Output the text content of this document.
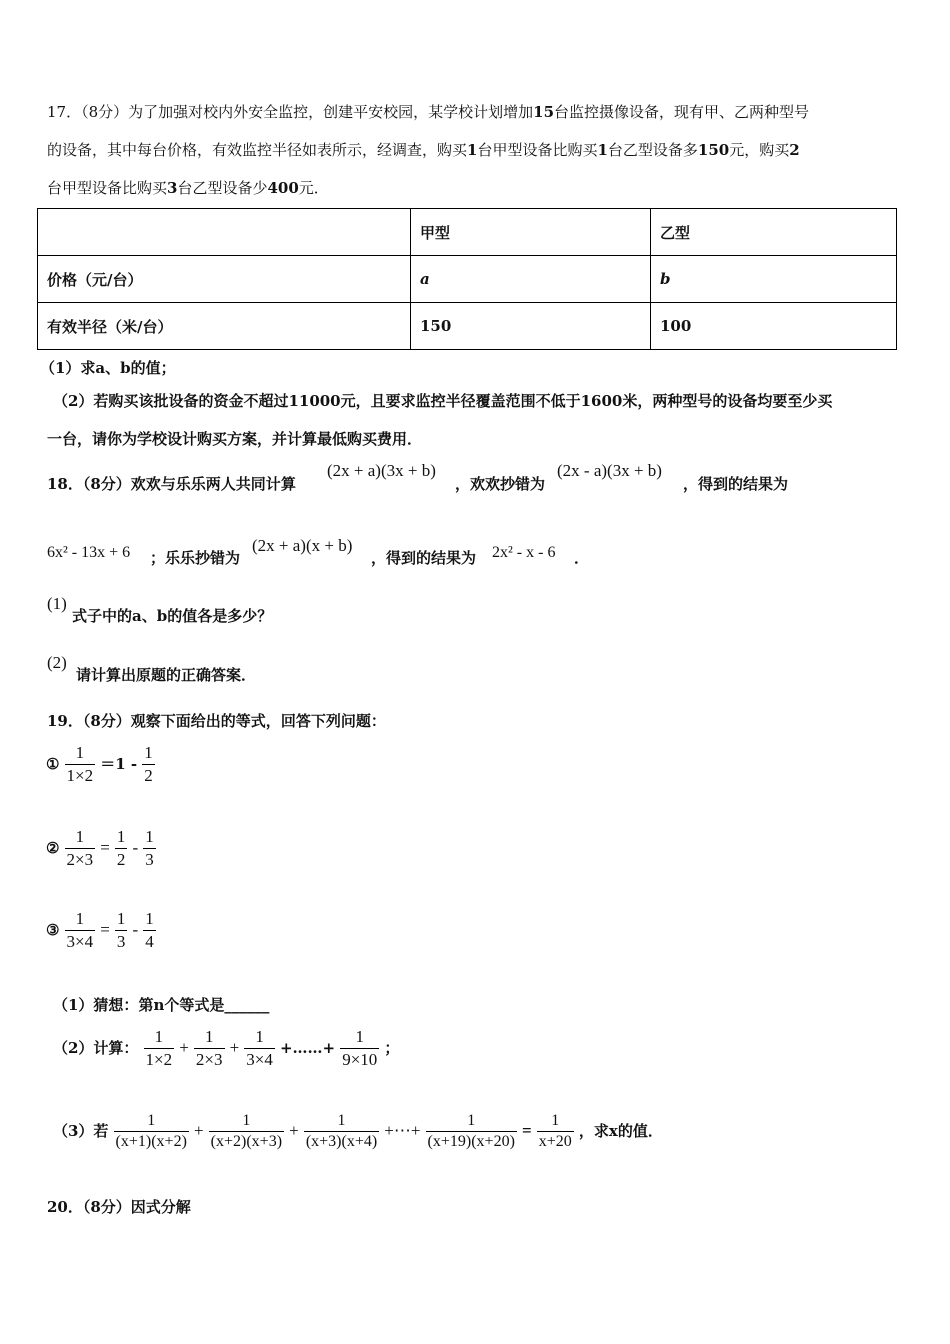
17．（8分）为了加强对校内外安全监控，创建平安校园，某学校计划增加15台监控摄像设备，现有甲、乙两种型号
的设备，其中每台价格，有效监控半径如表所示，经调查，购买1台甲型设备比购买1台乙型设备多150元，购买2
台甲型设备比购买3台乙型设备少400元．
	甲型	乙型
价格（元/台）	a	b
有效半径（米/台）	150	100
（1）求a、b的值；
（2）若购买该批设备的资金不超过11000元，且要求监控半径覆盖范围不低于1600米，两种型号的设备均要至少买
一台，请你为学校设计购买方案，并计算最低购买费用．
18．（8分）欢欢与乐乐两人共同计算
(2x + a)(3x + b)
，欢欢抄错为
(2x - a)(3x + b)
，得到的结果为
6x² - 13x + 6 ；乐乐抄错为
(2x + a)(x + b)
，得到的结果为 2x² - x - 6 ．
(1)
式子中的a、b的值各是多少？
(2)
请计算出原题的正确答案．
19．（8分）观察下面给出的等式，回答下列问题：
① $\frac{1}{1\times 2} =1 - \frac{1}{2}$
② $\frac{1}{2\times 3} = \frac{1}{2} - \frac{1}{3}$
③ $\frac{1}{3\times 4} = \frac{1}{3} - \frac{1}{4}$
（1）猜想：第n个等式是______
（2）计算： $\frac{1}{1\times 2} + \frac{1}{2\times 3} + \frac{1}{3\times 4}$ +……+ $\frac{1}{9\times 10}$ ；
（3）若 $\frac{1}{(x+1)(x+2)} + \frac{1}{(x+2)(x+3)} + \frac{1}{(x+3)(x+4)}$ +⋯+ $\frac{1}{(x+19)(x+20)} = \frac{1}{x+20}$ ，求x的值．
20．（8分）因式分解
